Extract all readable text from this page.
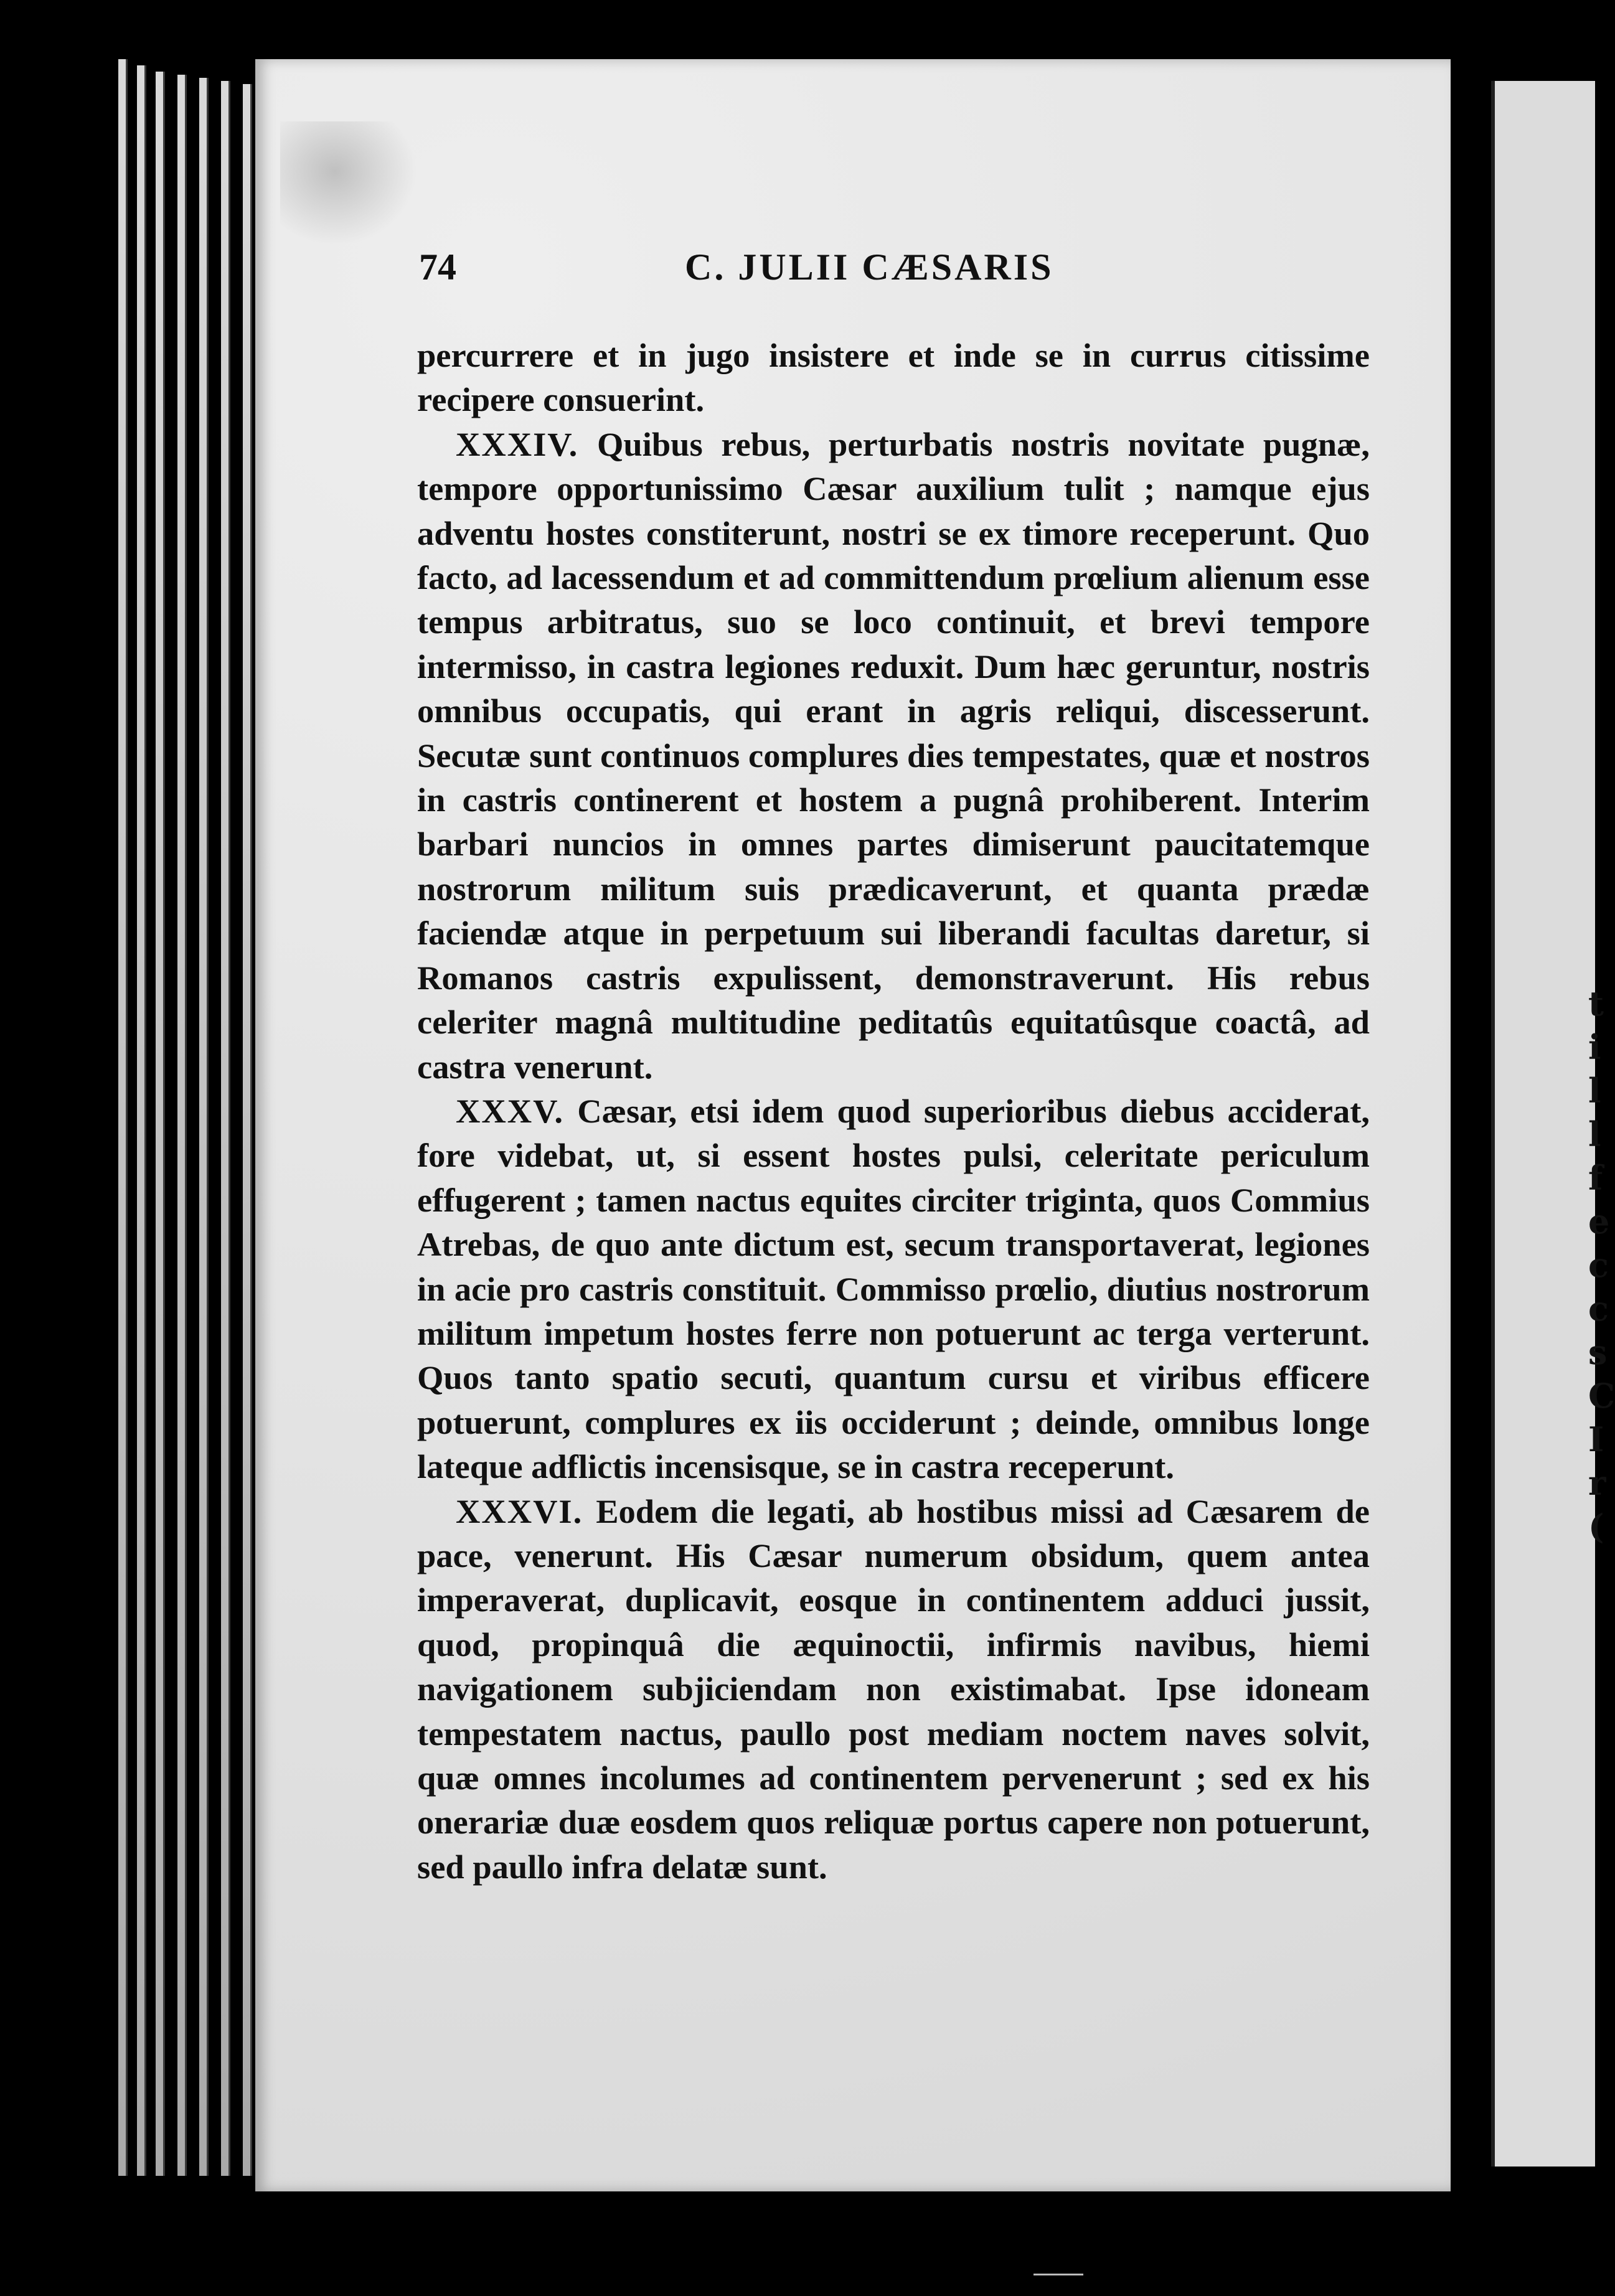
74	C. JULII CÆSARIS

percurrere et in jugo insistere et inde se in currus citissime recipere consuerint.

XXXIV. Quibus rebus, perturbatis nostris novitate pugnæ, tempore opportunissimo Cæsar auxilium tulit ; namque ejus adventu hostes constiterunt, nostri se ex timore receperunt. Quo facto, ad lacessendum et ad committendum prœlium alienum esse tempus arbitratus, suo se loco continuit, et brevi tempore intermisso, in castra legiones reduxit. Dum hæc geruntur, nostris omnibus occupatis, qui erant in agris reliqui, discesserunt. Secutæ sunt continuos complures dies tempestates, quæ et nostros in castris continerent et hostem a pugnâ prohiberent. Interim barbari nuncios in omnes partes dimiserunt paucitatemque nostrorum militum suis prædicaverunt, et quanta prædæ faciendæ atque in perpetuum sui liberandi facultas daretur, si Romanos castris expulissent, demonstraverunt. His rebus celeriter magnâ multitudine peditatûs equitatûsque coactâ, ad castra venerunt.

XXXV. Cæsar, etsi idem quod superioribus diebus acciderat, fore videbat, ut, si essent hostes pulsi, celeritate periculum effugerent ; tamen nactus equites circiter triginta, quos Commius Atrebas, de quo ante dictum est, secum transportaverat, legiones in acie pro castris constituit. Commisso prœlio, diutius nostrorum militum impetum hostes ferre non potuerunt ac terga verterunt. Quos tanto spatio secuti, quantum cursu et viribus efficere potuerunt, complures ex iis occiderunt ; deinde, omnibus longe lateque adflictis incensisque, se in castra receperunt.

XXXVI. Eodem die legati, ab hostibus missi ad Cæsarem de pace, venerunt. His Cæsar numerum obsidum, quem antea imperaverat, duplicavit, eosque in continentem adduci jussit, quod, propinquâ die æquinoctii, infirmis navibus, hiemi navigationem subjiciendam non existimabat. Ipse idoneam tempestatem nactus, paullo post mediam noctem naves solvit, quæ omnes incolumes ad continentem pervenerunt ; sed ex his onerariæ duæ eosdem quos reliquæ portus capere non potuerunt, sed paullo infra delatæ sunt.

t
i
l
l
f
e
c
c
s
C
I
r
(
